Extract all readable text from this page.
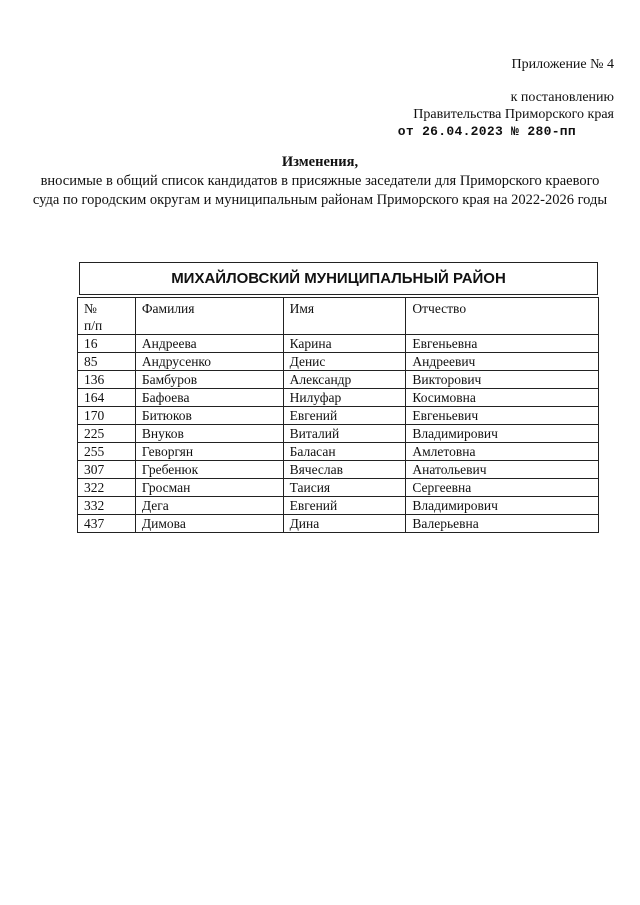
Приложение № 4
к постановлению
Правительства Приморского края
от 26.04.2023 № 280-пп
Изменения,
вносимые в общий список кандидатов в присяжные заседатели для Приморского краевого суда по городским округам и муниципальным районам Приморского края на 2022-2026 годы
МИХАЙЛОВСКИЙ МУНИЦИПАЛЬНЫЙ РАЙОН
№
п/п	Фамилия	Имя	Отчество
16	Андреева	Карина	Евгеньевна
85	Андрусенко	Денис	Андреевич
136	Бамбуров	Александр	Викторович
164	Бафоева	Нилуфар	Косимовна
170	Битюков	Евгений	Евгеньевич
225	Внуков	Виталий	Владимирович
255	Геворгян	Баласан	Амлетовна
307	Гребенюк	Вячеслав	Анатольевич
322	Гросман	Таисия	Сергеевна
332	Дега	Евгений	Владимирович
437	Димова	Дина	Валерьевна
